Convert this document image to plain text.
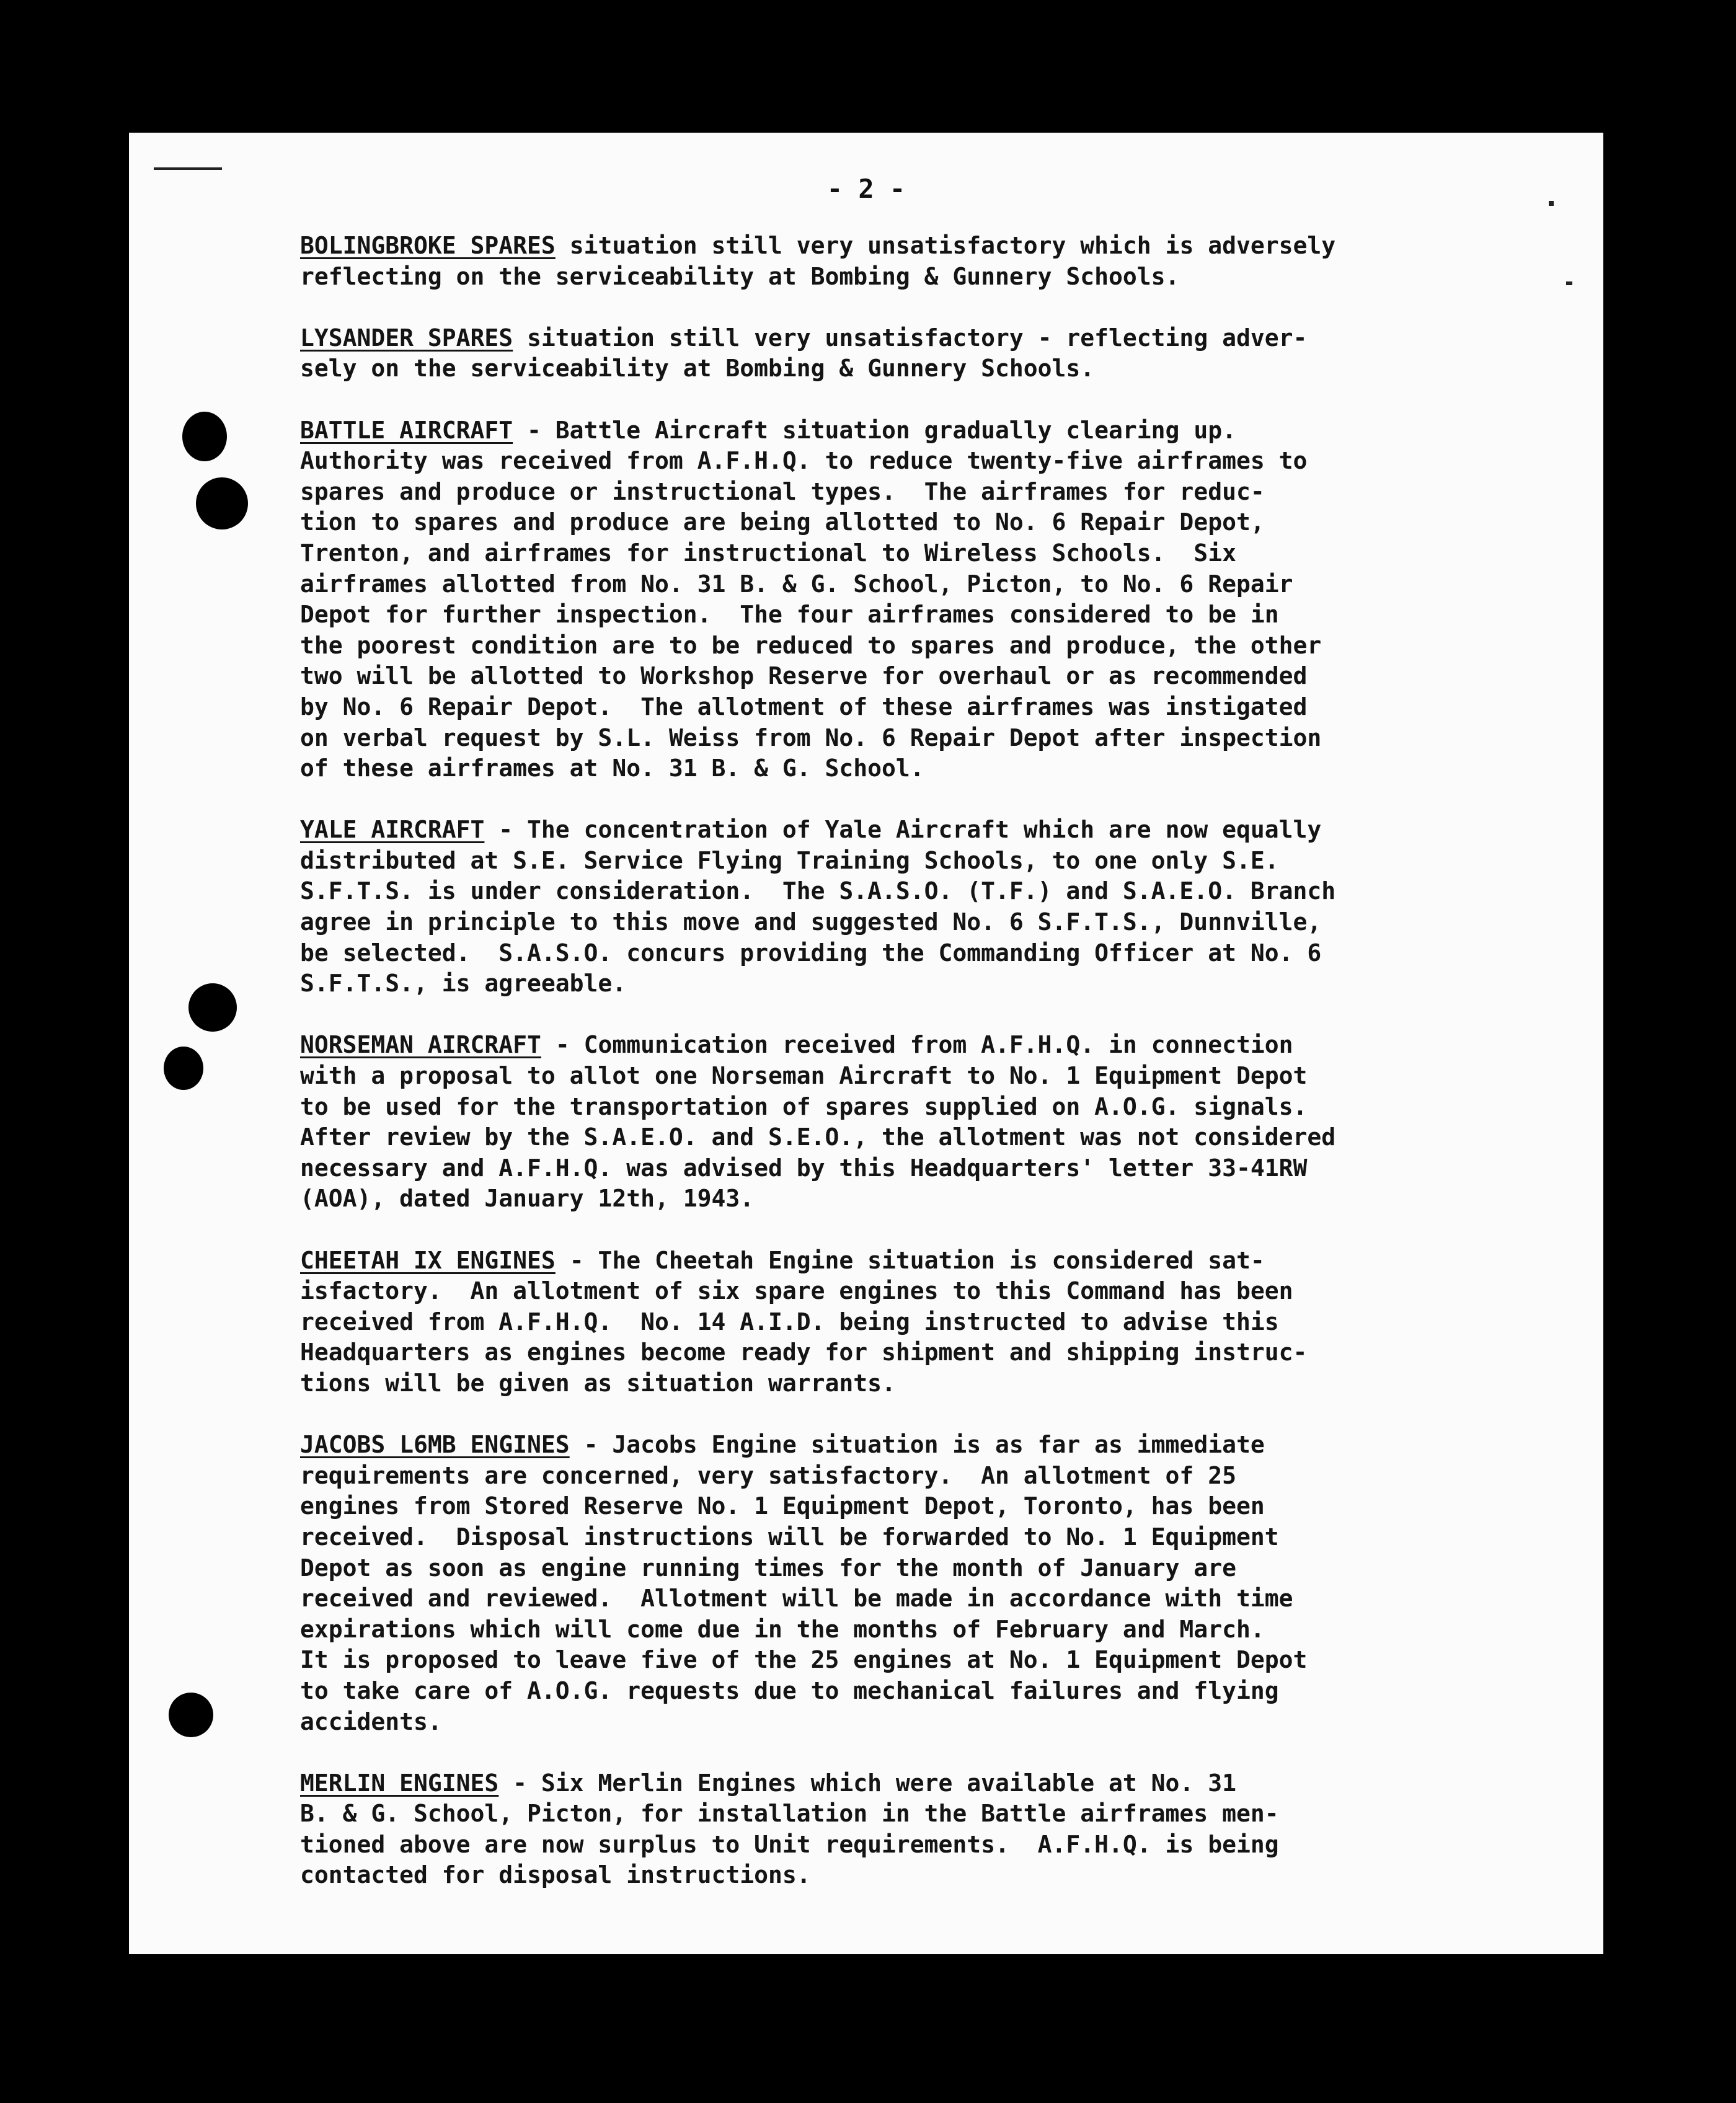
- 2 -
BOLINGBROKE SPARES situation still very unsatisfactory which is adversely
reflecting on the serviceability at Bombing & Gunnery Schools.
LYSANDER SPARES situation still very unsatisfactory - reflecting adver-
sely on the serviceability at Bombing & Gunnery Schools.
BATTLE AIRCRAFT - Battle Aircraft situation gradually clearing up.
Authority was received from A.F.H.Q. to reduce twenty-five airframes to
spares and produce or instructional types.  The airframes for reduc-
tion to spares and produce are being allotted to No. 6 Repair Depot,
Trenton, and airframes for instructional to Wireless Schools.  Six
airframes allotted from No. 31 B. & G. School, Picton, to No. 6 Repair
Depot for further inspection.  The four airframes considered to be in
the poorest condition are to be reduced to spares and produce, the other
two will be allotted to Workshop Reserve for overhaul or as recommended
by No. 6 Repair Depot.  The allotment of these airframes was instigated
on verbal request by S.L. Weiss from No. 6 Repair Depot after inspection
of these airframes at No. 31 B. & G. School.
YALE AIRCRAFT - The concentration of Yale Aircraft which are now equally
distributed at S.E. Service Flying Training Schools, to one only S.E.
S.F.T.S. is under consideration.  The S.A.S.O. (T.F.) and S.A.E.O. Branch
agree in principle to this move and suggested No. 6 S.F.T.S., Dunnville,
be selected.  S.A.S.O. concurs providing the Commanding Officer at No. 6
S.F.T.S., is agreeable.
NORSEMAN AIRCRAFT - Communication received from A.F.H.Q. in connection
with a proposal to allot one Norseman Aircraft to No. 1 Equipment Depot
to be used for the transportation of spares supplied on A.O.G. signals.
After review by the S.A.E.O. and S.E.O., the allotment was not considered
necessary and A.F.H.Q. was advised by this Headquarters' letter 33-41RW
(AOA), dated January 12th, 1943.
CHEETAH IX ENGINES - The Cheetah Engine situation is considered sat-
isfactory.  An allotment of six spare engines to this Command has been
received from A.F.H.Q.  No. 14 A.I.D. being instructed to advise this
Headquarters as engines become ready for shipment and shipping instruc-
tions will be given as situation warrants.
JACOBS L6MB ENGINES - Jacobs Engine situation is as far as immediate
requirements are concerned, very satisfactory.  An allotment of 25
engines from Stored Reserve No. 1 Equipment Depot, Toronto, has been
received.  Disposal instructions will be forwarded to No. 1 Equipment
Depot as soon as engine running times for the month of January are
received and reviewed.  Allotment will be made in accordance with time
expirations which will come due in the months of February and March.
It is proposed to leave five of the 25 engines at No. 1 Equipment Depot
to take care of A.O.G. requests due to mechanical failures and flying
accidents.
MERLIN ENGINES - Six Merlin Engines which were available at No. 31
B. & G. School, Picton, for installation in the Battle airframes men-
tioned above are now surplus to Unit requirements.  A.F.H.Q. is being
contacted for disposal instructions.
